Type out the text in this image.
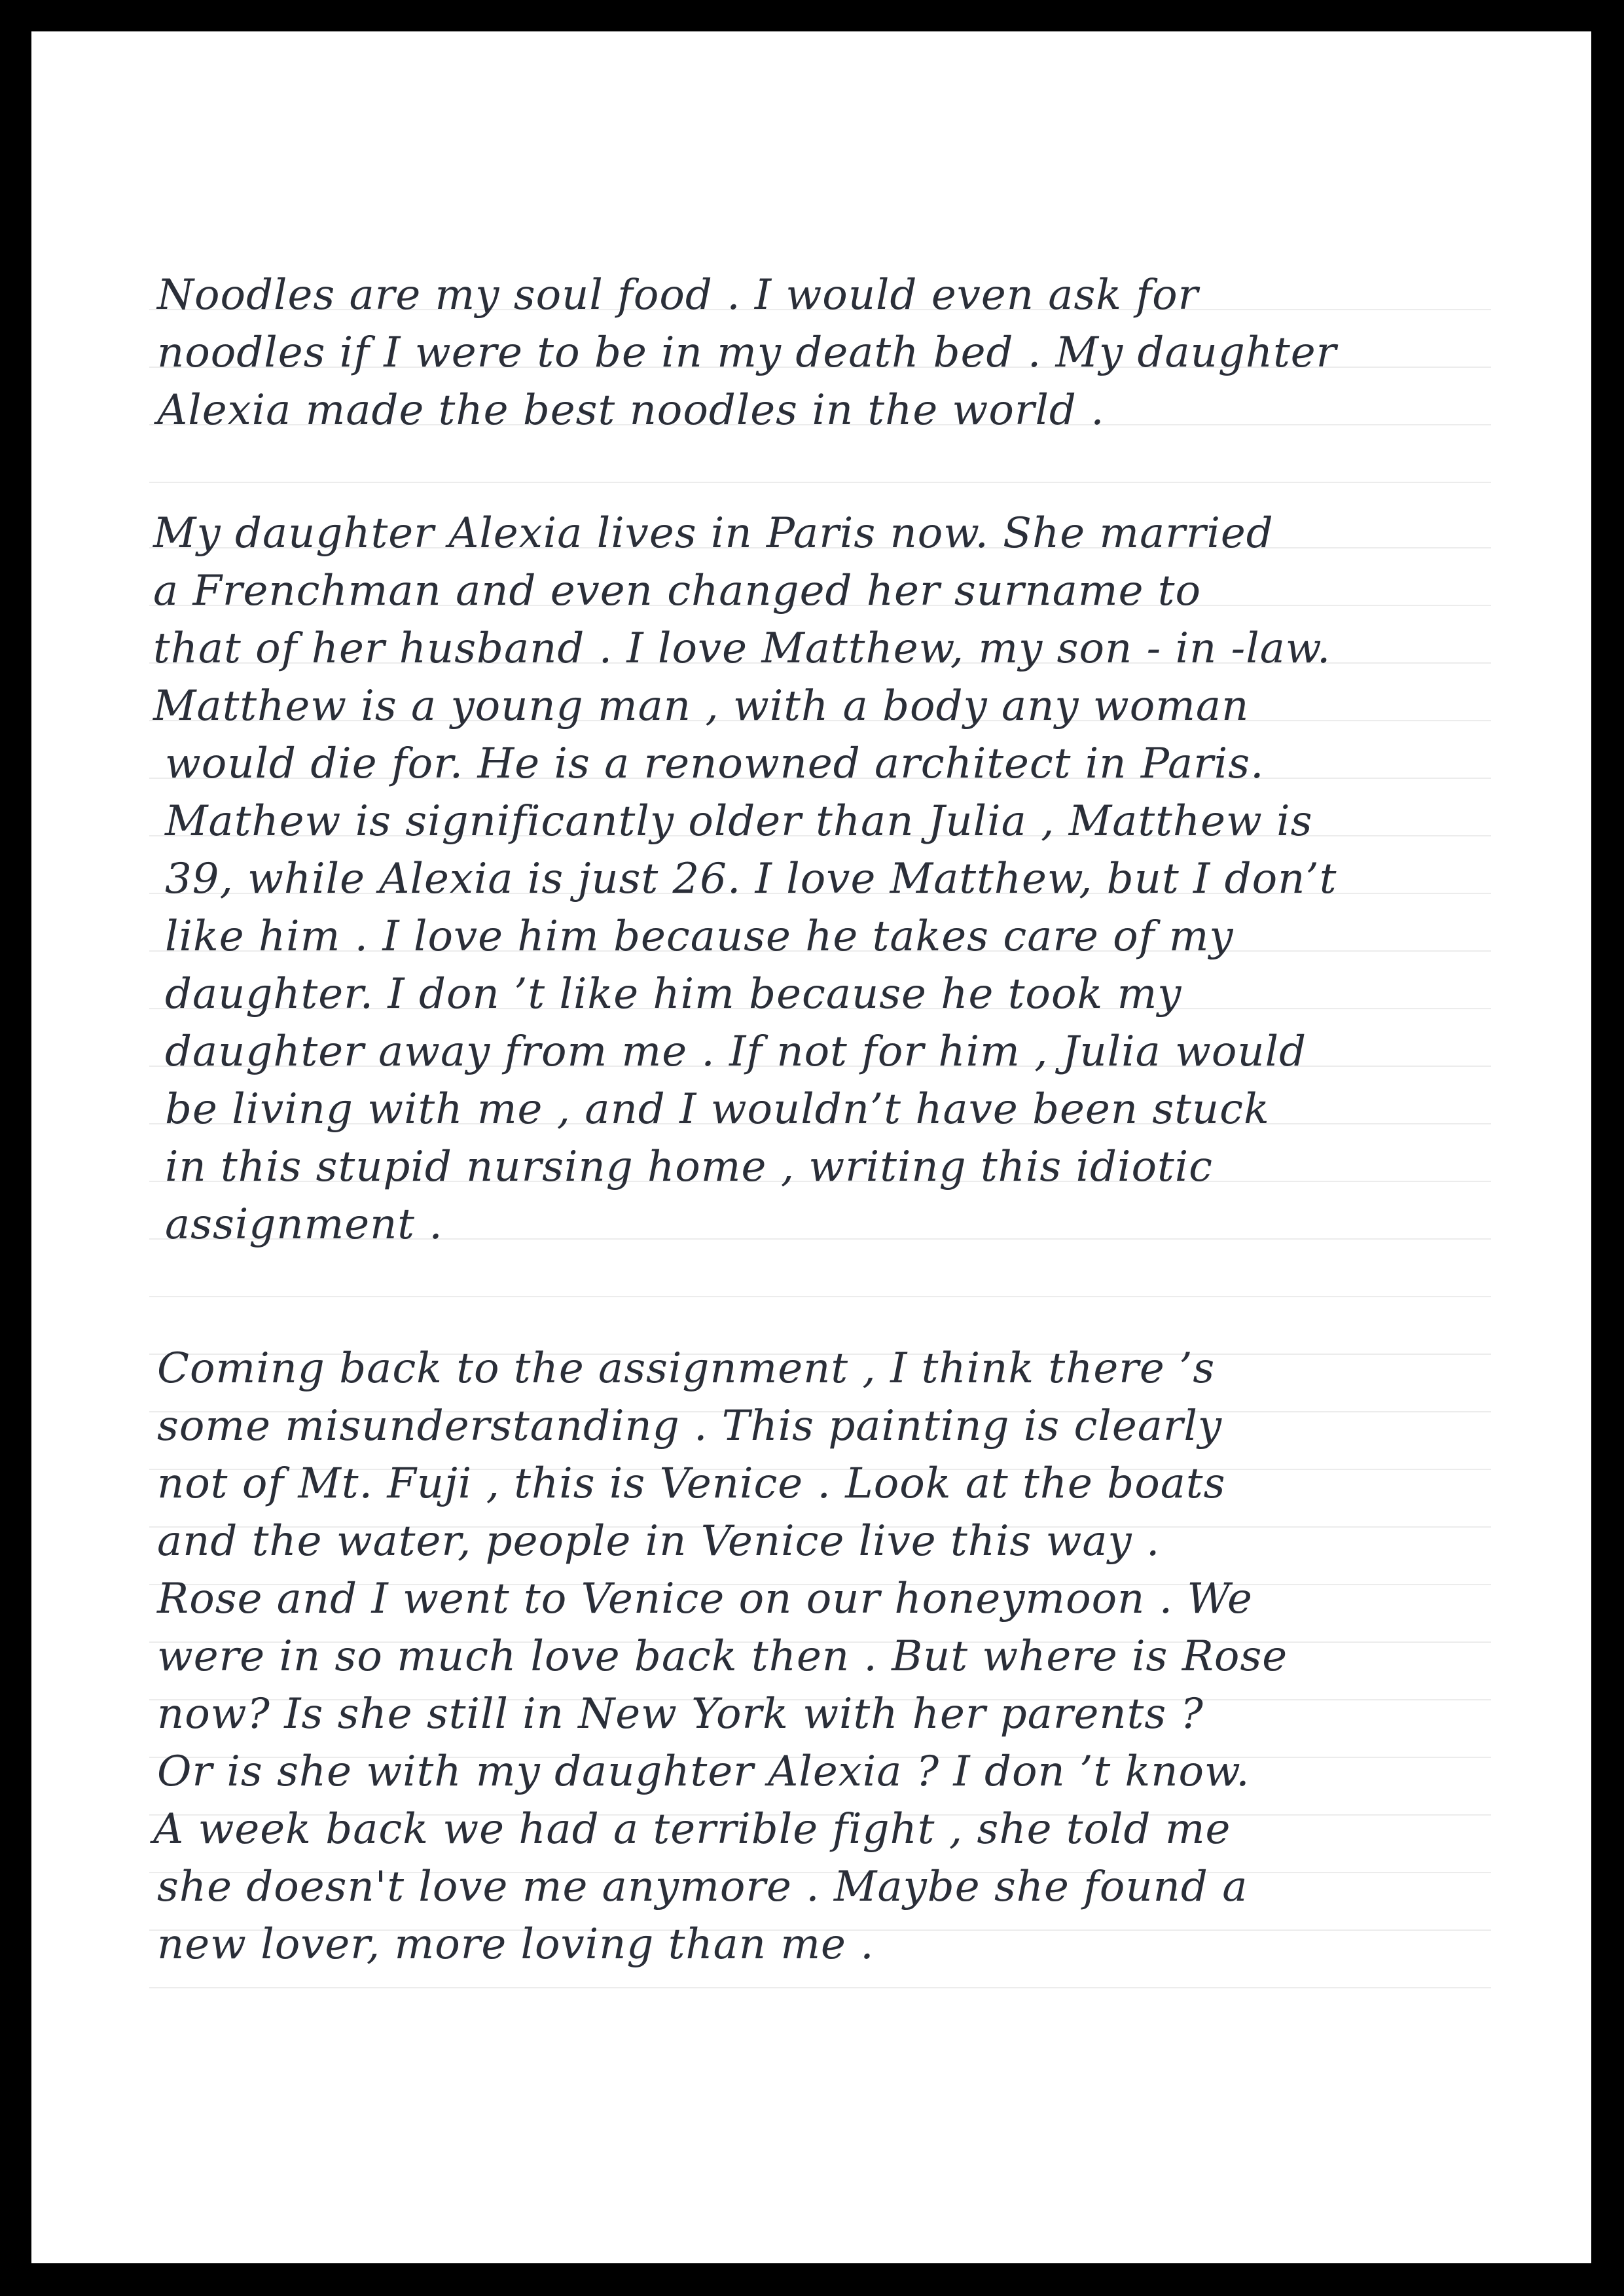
Noodles are my soul food . I would even ask for
noodles if I were to be in my death bed . My daughter
Alexia made the best noodles in the world .
My daughter Alexia lives in Paris now. She married
a Frenchman and even changed her surname to
that of her husband . I love Matthew, my son - in -law.
Matthew is a young man , with a body any woman
would die for. He is a renowned architect in Paris.
Mathew is significantly older than Julia , Matthew is
39, while Alexia is just 26. I love Matthew, but I don’t
like him . I love him because he takes care of my
daughter. I don ’t like him because he took my
daughter away from me . If not for him , Julia would
be living with me , and I wouldn’t have been stuck
in this stupid nursing home , writing this idiotic
assignment .
Coming back to the assignment , I think there ’s
some misunderstanding . This painting is clearly
not of Mt. Fuji , this is Venice . Look at the boats
and the water, people in Venice live this way .
Rose and I went to Venice on our honeymoon . We
were in so much love back then . But where is Rose
now? Is she still in New York with her parents ?
Or is she with my daughter Alexia ? I don ’t know.
A week back we had a terrible fight , she told me
she doesn't love me anymore . Maybe she found a
new lover, more loving than me .
